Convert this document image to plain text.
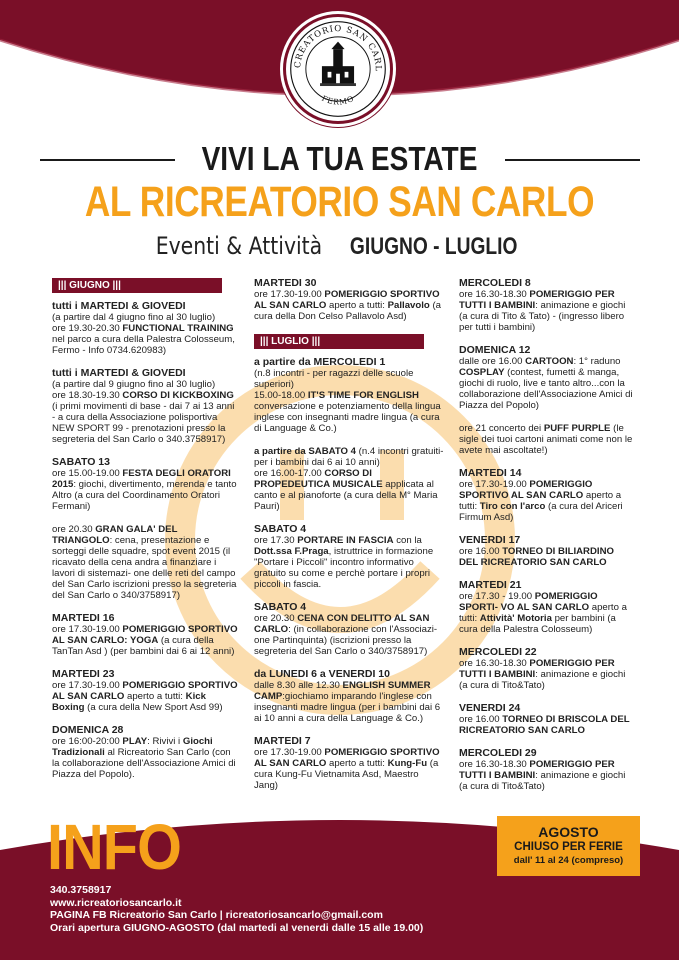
CREATORIO SAN CARL
FERMO
VIVI LA TUA ESTATE
AL RICREATORIO SAN CARLO
Eventi & Attività GIUGNO - LUGLIO
||| GIUGNO |||

tutti i MARTEDI & GIOVEDI
(a partire dal 4 giugno fino al 30 luglio)
ore 19.30-20.30 FUNCTIONAL TRAINING nel parco a cura della Palestra Colosseum, Fermo - Info 0734.620983)

tutti i MARTEDI & GIOVEDI
(a partire dal 9 giugno fino al 30 luglio)
ore 18.30-19.30 CORSO DI KICKBOXING (i primi movimenti di base - dai 7 ai 13 anni - a cura della Associazione polisportiva NEW SPORT 99 - prenotazioni presso la segreteria del San Carlo o 340.3758917)

SABATO 13
ore 15.00-19.00 FESTA DEGLI ORATORI 2015: giochi, divertimento, merenda e tanto Altro (a cura del Coordinamento Oratori Fermani)

ore 20.30 GRAN GALA' DEL TRIANGOLO: cena, presentazione e sorteggi delle squadre, spot event 2015 (il ricavato della cena andra a finanziare i lavori di sistemazi- one delle reti del campo del San Carlo iscrizioni presso la segreteria del San Carlo o 340/3758917)

MARTEDI 16
ore 17.30-19.00 POMERIGGIO SPORTIVO AL SAN CARLO: YOGA (a cura della TanTan Asd ) (per bambini dai 6 ai 12 anni)

MARTEDI 23
ore 17.30-19.00 POMERIGGIO SPORTIVO AL SAN CARLO aperto a tutti: Kick Boxing (a cura della New Sport Asd 99)

DOMENICA 28
ore 16:00-20:00 PLAY: Rivivi i Giochi Tradizionali al Ricreatorio San Carlo (con la collaborazione dell'Associazione Amici di Piazza del Popolo).

MARTEDI 30
ore 17.30-19.00 POMERIGGIO SPORTIVO AL SAN CARLO aperto a tutti: Pallavolo (a cura della Don Celso Pallavolo Asd)

||| LUGLIO |||

a partire da MERCOLEDI 1
(n.8 incontri - per ragazzi delle scuole superiori)
15.00-18.00 IT'S TIME FOR ENGLISH conversazione e potenziamento della lingua inglese con insegnanti madre lingua (a cura di Language & Co.)

a partire da SABATO 4 (n.4 incontri gratuiti- per i bambini dai 6 ai 10 anni)
ore 16.00-17.00 CORSO DI PROPEDEUTICA MUSICALE applicata al canto e al pianoforte (a cura della M° Maria Pauri)

SABATO 4
ore 17.30 PORTARE IN FASCIA con la Dott.ssa F.Praga, istruttrice in formazione "Portare i Piccoli" incontro informativo gratuito su come e perchè portare i propri piccoli in fascia.

SABATO 4
ore 20.30 CENA CON DELITTO AL SAN CARLO: (in collaborazione con l'Associazi- one Partinquinta) (iscrizioni presso la segreteria del San Carlo o 340/3758917)

da LUNEDI 6 a VENERDI 10
dalle 8.30 alle 12.30 ENGLISH SUMMER CAMP:giochiamo imparando l'inglese con insegnanti madre lingua (per i bambini dai 6 ai 10 anni a cura della Language & Co.)

MARTEDI 7
ore 17.30-19.00 POMERIGGIO SPORTIVO AL SAN CARLO aperto a tutti: Kung-Fu (a cura Kung-Fu Vietnamita Asd, Maestro Jang)

MERCOLEDI 8
ore 16.30-18.30 POMERIGGIO PER TUTTI I BAMBINI: animazione e giochi (a cura di Tito & Tato) - (ingresso libero per tutti i bambini)

DOMENICA 12
dalle ore 16.00 CARTOON: 1° raduno COSPLAY (contest, fumetti & manga, giochi di ruolo, live e tanto altro...con la collaborazione dell'Associazione Amici di Piazza del Popolo)

ore 21 concerto dei PUFF PURPLE (le sigle dei tuoi cartoni animati come non le avete mai ascoltate!)

MARTEDI 14
ore 17.30-19.00 POMERIGGIO SPORTIVO AL SAN CARLO aperto a tutti: Tiro con l'arco (a cura del Ariceri Firmum Asd)

VENERDI 17
ore 16.00 TORNEO DI BILIARDINO DEL RICREATORIO SAN CARLO

MARTEDI 21
ore 17.30 - 19.00 POMERIGGIO SPORTI- VO AL SAN CARLO aperto a tutti: Attività' Motoria per bambini (a cura della Palestra Colosseum)

MERCOLEDI 22
ore 16.30-18.30 POMERIGGIO PER TUTTI I BAMBINI: animazione e giochi (a cura di Tito&Tato)

VENERDI 24
ore 16.00 TORNEO DI BRISCOLA DEL RICREATORIO SAN CARLO

MERCOLEDI 29
ore 16.30-18.30 POMERIGGIO PER TUTTI I BAMBINI: animazione e giochi (a cura di Tito&Tato)

INFO
340.3758917
www.ricreatoriosancarlo.it
PAGINA FB Ricreatorio San Carlo | ricreatoriosancarlo@gmail.com
Orari apertura GIUGNO-AGOSTO (dal martedi al venerdi dalle 15 alle 19.00)
AGOSTO
CHIUSO PER FERIE
dall' 11 al 24 (compreso)
